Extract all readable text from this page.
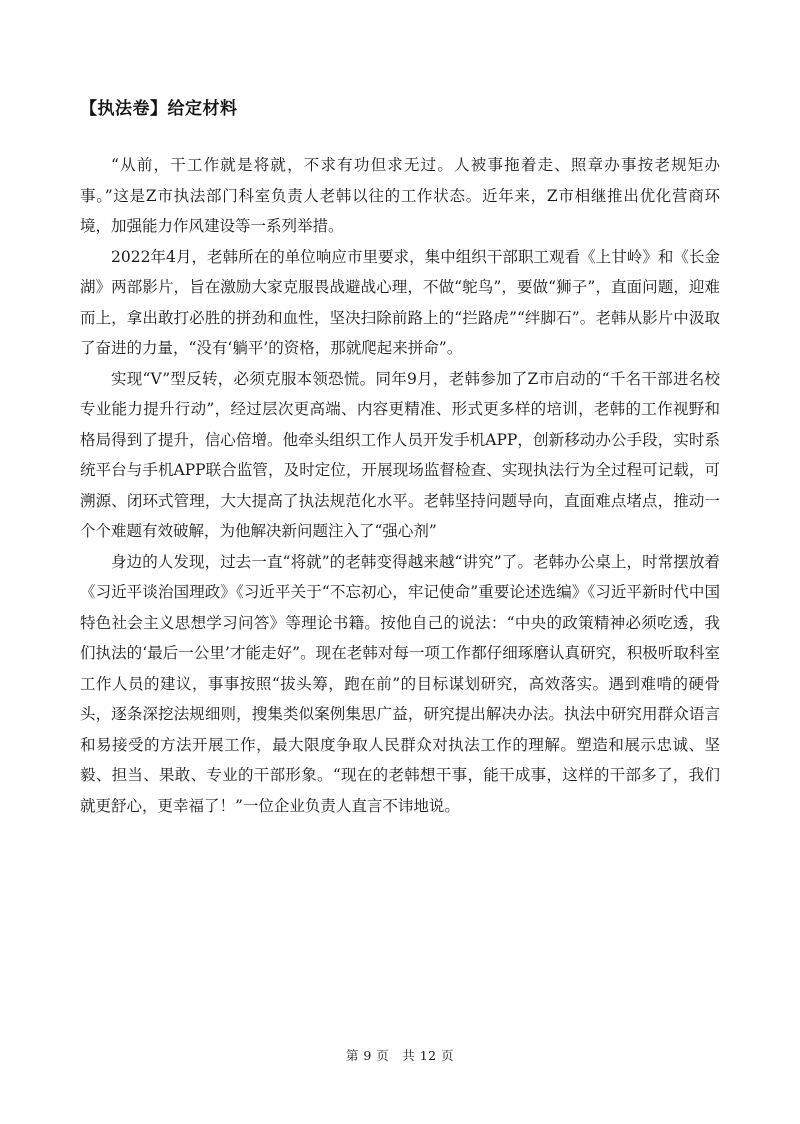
【执法卷】给定材料

“从前，干工作就是将就，不求有功但求无过。人被事拖着走、照章办事按老规矩办事。”这是Z市执法部门科室负责人老韩以往的工作状态。近年来，Z市相继推出优化营商环境，加强能力作风建设等一系列举措。

2022年4月，老韩所在的单位响应市里要求，集中组织干部职工观看《上甘岭》和《长金湖》两部影片，旨在激励大家克服畏战避战心理，不做“鸵鸟”，要做“狮子”，直面问题，迎难而上，拿出敢打必胜的拼劲和血性，坚决扫除前路上的“拦路虎”“绊脚石”。老韩从影片中汲取了奋进的力量，“没有‘躺平’的资格，那就爬起来拼命”。

实现“V”型反转，必须克服本领恐慌。同年9月，老韩参加了Z市启动的“千名干部进名校专业能力提升行动”，经过层次更高端、内容更精准、形式更多样的培训，老韩的工作视野和格局得到了提升，信心倍增。他牵头组织工作人员开发手机APP，创新移动办公手段，实时系统平台与手机APP联合监管，及时定位，开展现场监督检查、实现执法行为全过程可记载，可溯源、闭环式管理，大大提高了执法规范化水平。老韩坚持问题导向，直面难点堵点，推动一个个难题有效破解，为他解决新问题注入了“强心剂”

身边的人发现，过去一直“将就”的老韩变得越来越“讲究”了。老韩办公桌上，时常摆放着《习近平谈治国理政》《习近平关于“不忘初心，牢记使命”重要论述选编》《习近平新时代中国特色社会主义思想学习问答》等理论书籍。按他自己的说法：“中央的政策精神必须吃透，我们执法的‘最后一公里’才能走好”。现在老韩对每一项工作都仔细琢磨认真研究，积极听取科室工作人员的建议，事事按照“拔头筹，跑在前”的目标谋划研究，高效落实。遇到难啃的硬骨头，逐条深挖法规细则，搜集类似案例集思广益，研究提出解决办法。执法中研究用群众语言和易接受的方法开展工作，最大限度争取人民群众对执法工作的理解。塑造和展示忠诚、坚毅、担当、果敢、专业的干部形象。“现在的老韩想干事，能干成事，这样的干部多了，我们就更舒心，更幸福了！”一位企业负责人直言不讳地说。

第 9 页　共 12 页
